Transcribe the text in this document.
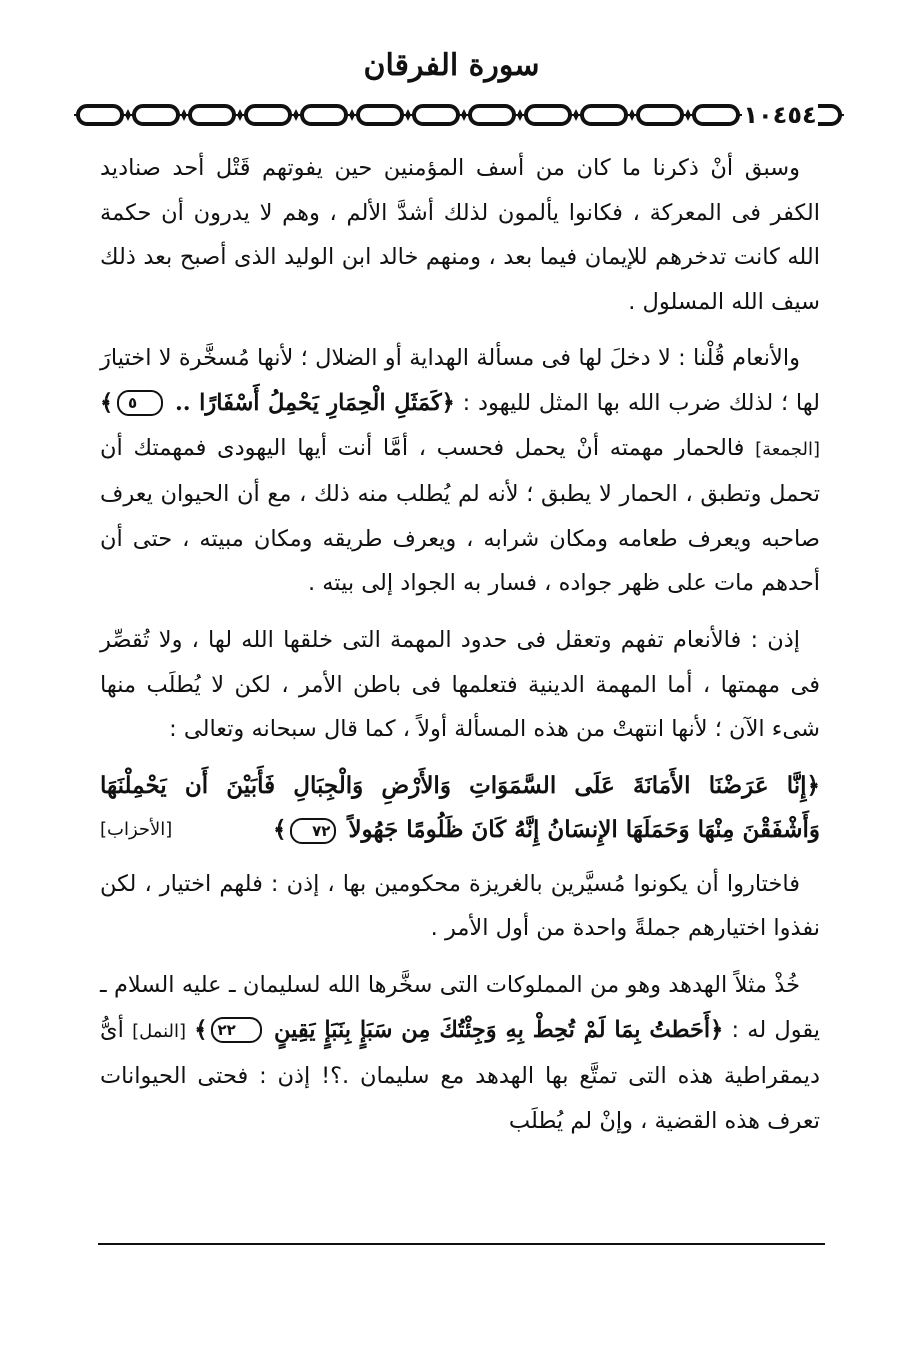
سورة الفرقان
١٠٤٥٤

وسبق أنْ ذكرنا ما كان من أسف المؤمنين حين يفوتهم قَتْل أحد صناديد الكفر فى المعركة ، فكانوا يألمون لذلك أشدَّ الألم ، وهم لا يدرون أن حكمة الله كانت تدخرهم للإيمان فيما بعد ، ومنهم خالد ابن الوليد الذى أصبح بعد ذلك سيف الله المسلول .

والأنعام قُلْنا : لا دخلَ لها فى مسألة الهداية أو الضلال ؛ لأنها مُسخَّرة لا اختيارَ لها ؛ لذلك ضرب الله بها المثل لليهود : ﴿كَمَثَلِ الْحِمَارِ يَحْمِلُ أَسْفَارًا .. ٥﴾ [الجمعة] فالحمار مهمته أنْ يحمل فحسب ، أمَّا أنت أيها اليهودى فمهمتك أن تحمل وتطبق ، الحمار لا يطبق ؛ لأنه لم يُطلب منه ذلك ، مع أن الحيوان يعرف صاحبه ويعرف طعامه ومكان شرابه ، ويعرف طريقه ومكان مبيته ، حتى أن أحدهم مات على ظهر جواده ، فسار به الجواد إلى بيته .

إذن : فالأنعام تفهم وتعقل فى حدود المهمة التى خلقها الله لها ، ولا تُقصِّر فى مهمتها ، أما المهمة الدينية فتعلمها فى باطن الأمر ، لكن لا يُطلَب منها شىء الآن ؛ لأنها انتهتْ من هذه المسألة أولاً ، كما قال سبحانه وتعالى :

﴿إِنَّا عَرَضْنَا الأَمَانَةَ عَلَى السَّمَوَاتِ وَالأَرْضِ وَالْجِبَالِ فَأَبَيْنَ أَن يَحْمِلْنَهَا
وَأَشْفَقْنَ مِنْهَا وَحَمَلَهَا الإِنسَانُ إِنَّهُ كَانَ ظَلُومًا جَهُولاً ٧٢﴾
[الأحزاب]

فاختاروا أن يكونوا مُسيَّرين بالغريزة محكومين بها ، إذن : فلهم اختيار ، لكن نفذوا اختيارهم جملةً واحدة من أول الأمر .

خُذْ مثلاً الهدهد وهو من المملوكات التى سخَّرها الله لسليمان ـ عليه السلام ـ يقول له : ﴿أَحَطتُ بِمَا لَمْ تُحِطْ بِهِ وَجِئْتُكَ مِن سَبَإٍ بِنَبَإٍ يَقِينٍ ٢٢﴾ [النمل] أىُّ ديمقراطية هذه التى تمتَّع بها الهدهد مع سليمان .؟! إذن : فحتى الحيوانات تعرف هذه القضية ، وإنْ لم يُطلَب
